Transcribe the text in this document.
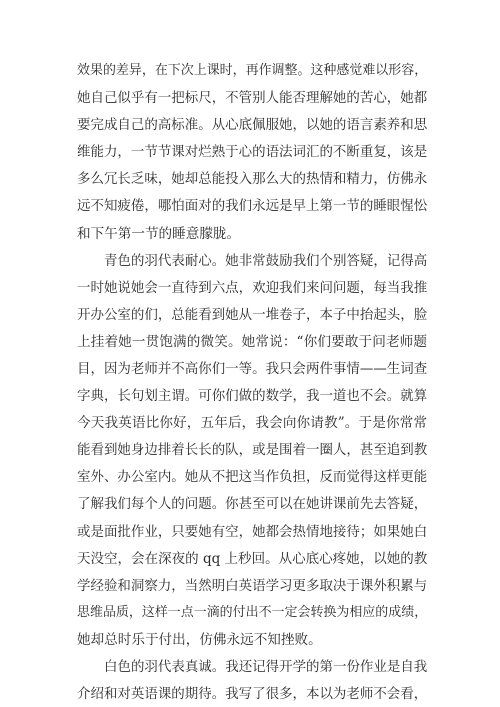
效果的差异，在下次上课时，再作调整。这种感觉难以形容，
她自己似乎有一把标尺，不管别人能否理解她的苦心，她都
要完成自己的高标准。从心底佩服她，以她的语言素养和思
维能力，一节节课对烂熟于心的语法词汇的不断重复，该是
多么冗长乏味，她却总能投入那么大的热情和精力，仿佛永
远不知疲倦，哪怕面对的我们永远是早上第一节的睡眼惺忪
和下午第一节的睡意朦胧。
青色的羽代表耐心。她非常鼓励我们个别答疑，记得高
一时她说她会一直待到六点，欢迎我们来问问题，每当我推
开办公室的们，总能看到她从一堆卷子，本子中抬起头，脸
上挂着她一贯饱满的微笑。她常说：“你们要敢于问老师题
目，因为老师并不高你们一等。我只会两件事情——生词查
字典，长句划主谓。可你们做的数学，我一道也不会。就算
今天我英语比你好，五年后，我会向你请教”。于是你常常
能看到她身边排着长长的队，或是围着一圈人，甚至追到教
室外、办公室内。她从不把这当作负担，反而觉得这样更能
了解我们每个人的问题。你甚至可以在她讲课前先去答疑，
或是面批作业，只要她有空，她都会热情地接待；如果她白
天没空，会在深夜的 qq 上秒回。从心底心疼她，以她的教
学经验和洞察力，当然明白英语学习更多取决于课外积累与
思维品质，这样一点一滴的付出不一定会转换为相应的成绩，
她却总时乐于付出，仿佛永远不知挫败。
白色的羽代表真诚。我还记得开学的第一份作业是自我
介绍和对英语课的期待。我写了很多，本以为老师不会看，
